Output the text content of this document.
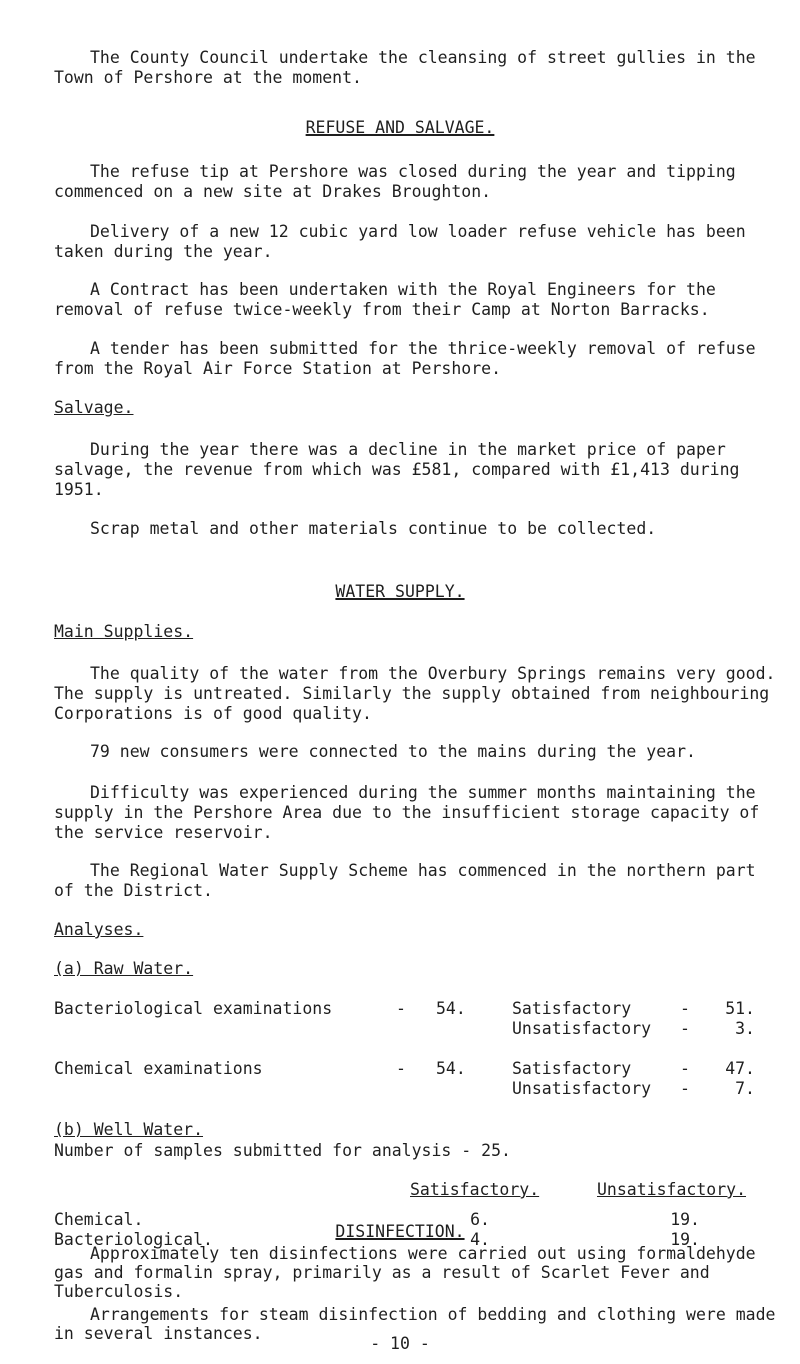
The County Council undertake the cleansing of street gullies in the Town of Pershore at the moment.

REFUSE AND SALVAGE.

The refuse tip at Pershore was closed during the year and tipping commenced on a new site at Drakes Broughton.

Delivery of a new 12 cubic yard low loader refuse vehicle has been taken during the year.

A Contract has been undertaken with the Royal Engineers for the removal of refuse twice-weekly from their Camp at Norton Barracks.

A tender has been submitted for the thrice-weekly removal of refuse from the Royal Air Force Station at Pershore.

Salvage.

During the year there was a decline in the market price of paper salvage, the revenue from which was £581, compared with £1,413 during 1951.

Scrap metal and other materials continue to be collected.

WATER SUPPLY.
Main Supplies.

The quality of the water from the Overbury Springs remains very good. The supply is untreated. Similarly the supply obtained from neighbouring Corporations is of good quality.

79 new consumers were connected to the mains during the year.

Difficulty was experienced during the summer months maintaining the supply in the Pershore Area due to the insufficient storage capacity of the service reservoir.

The Regional Water Supply Scheme has commenced in the northern part of the District.

Analyses.
(a) Raw Water.
Bacteriological examinations	- 54.	Satisfactory	-	51.
Unsatisfactory -	3.
Chemical examinations	- 54.	Satisfactory	-	47.
Unsatisfactory -	7.
(b) Well Water.
Number of samples submitted for analysis - 25.
Satisfactory.	Unsatisfactory.
Chemical.	6.	19.
Bacteriological.	4.	19.
DISINFECTION.

Approximately ten disinfections were carried out using formaldehyde gas and formalin spray, primarily as a result of Scarlet Fever and Tuberculosis.

- 10 -

Arrangements for steam disinfection of bedding and clothing were made in several instances.
